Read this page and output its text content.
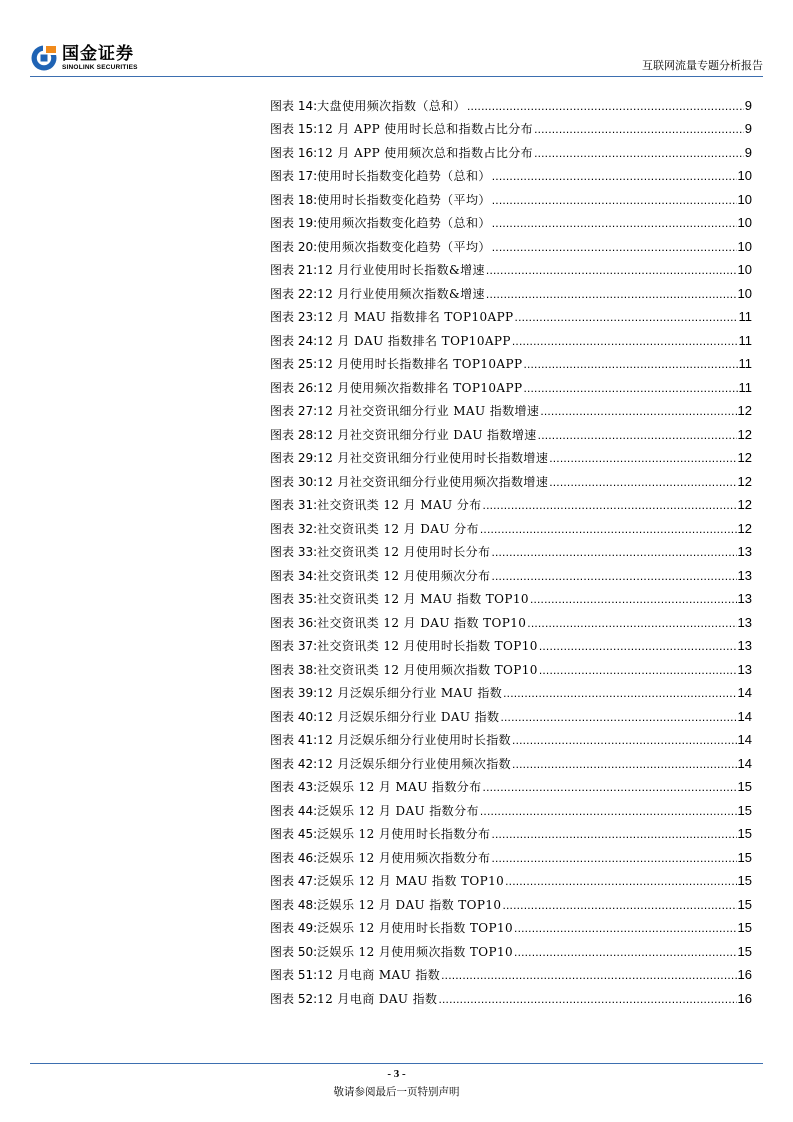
国金证券
SINOLINK SECURITIES	互联网流量专题分析报告
图表 14: 大盘使用频次指数（总和） .....	9
图表 15: 12 月 APP 使用时长总和指数占比分布 .....	9
图表 16: 12 月 APP 使用频次总和指数占比分布 .....	9
图表 17: 使用时长指数变化趋势（总和） .....	10
图表 18: 使用时长指数变化趋势（平均） .....	10
图表 19: 使用频次指数变化趋势（总和） .....	10
图表 20: 使用频次指数变化趋势（平均） .....	10
图表 21: 12 月行业使用时长指数&增速 .....	10
图表 22: 12 月行业使用频次指数&增速 .....	10
图表 23: 12 月 MAU 指数排名 TOP10APP .....	11
图表 24: 12 月 DAU 指数排名 TOP10APP .....	11
图表 25: 12 月使用时长指数排名 TOP10APP .....	11
图表 26: 12 月使用频次指数排名 TOP10APP .....	11
图表 27: 12 月社交资讯细分行业 MAU 指数增速 .....	12
图表 28: 12 月社交资讯细分行业 DAU 指数增速 .....	12
图表 29: 12 月社交资讯细分行业使用时长指数增速 .....	12
图表 30: 12 月社交资讯细分行业使用频次指数增速 .....	12
图表 31: 社交资讯类 12 月 MAU 分布 .....	12
图表 32: 社交资讯类 12 月 DAU 分布 .....	12
图表 33: 社交资讯类 12 月使用时长分布 .....	13
图表 34: 社交资讯类 12 月使用频次分布 .....	13
图表 35: 社交资讯类 12 月 MAU 指数 TOP10 .....	13
图表 36: 社交资讯类 12 月 DAU 指数 TOP10 .....	13
图表 37: 社交资讯类 12 月使用时长指数 TOP10 .....	13
图表 38: 社交资讯类 12 月使用频次指数 TOP10 .....	13
图表 39: 12 月泛娱乐细分行业 MAU 指数 .....	14
图表 40: 12 月泛娱乐细分行业 DAU 指数 .....	14
图表 41: 12 月泛娱乐细分行业使用时长指数 .....	14
图表 42: 12 月泛娱乐细分行业使用频次指数 .....	14
图表 43: 泛娱乐 12 月 MAU 指数分布 .....	15
图表 44: 泛娱乐 12 月 DAU 指数分布 .....	15
图表 45: 泛娱乐 12 月使用时长指数分布 .....	15
图表 46: 泛娱乐 12 月使用频次指数分布 .....	15
图表 47: 泛娱乐 12 月 MAU 指数 TOP10 .....	15
图表 48: 泛娱乐 12 月 DAU 指数 TOP10 .....	15
图表 49: 泛娱乐 12 月使用时长指数 TOP10 .....	15
图表 50: 泛娱乐 12 月使用频次指数 TOP10 .....	15
图表 51: 12 月电商 MAU 指数 .....	16
图表 52: 12 月电商 DAU 指数 .....	16
- 3 -
敬请参阅最后一页特别声明
